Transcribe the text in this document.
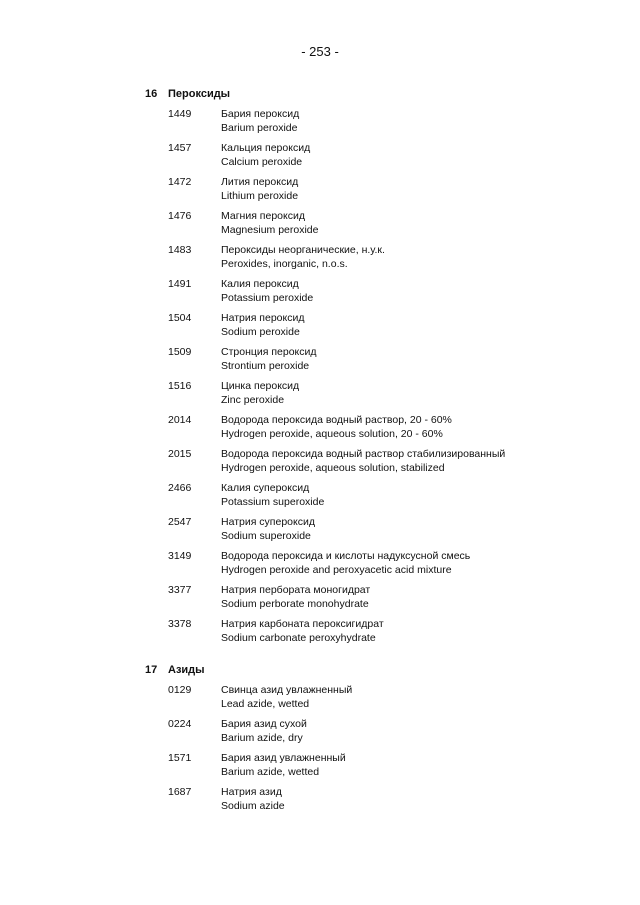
- 253 -
16 Пероксиды
1449	Бария пероксид
Barium peroxide
1457	Кальция пероксид
Calcium peroxide
1472	Лития пероксид
Lithium peroxide
1476	Магния пероксид
Magnesium peroxide
1483	Пероксиды неорганические, н.у.к.
Peroxides, inorganic, n.o.s.
1491	Калия пероксид
Potassium peroxide
1504	Натрия пероксид
Sodium peroxide
1509	Стронция пероксид
Strontium peroxide
1516	Цинка пероксид
Zinc peroxide
2014	Водорода пероксида водный раствор, 20 - 60%
Hydrogen peroxide, aqueous solution, 20 - 60%
2015	Водорода пероксида водный раствор стабилизированный
Hydrogen peroxide, aqueous solution, stabilized
2466	Калия супероксид
Potassium superoxide
2547	Натрия супероксид
Sodium superoxide
3149	Водорода пероксида и кислоты надуксусной смесь
Hydrogen peroxide and peroxyacetic acid mixture
3377	Натрия пербората моногидрат
Sodium perborate monohydrate
3378	Натрия карбоната пероксигидрат
Sodium carbonate peroxyhydrate
17 Азиды
0129	Свинца азид увлажненный
Lead azide, wetted
0224	Бария азид сухой
Barium azide, dry
1571	Бария азид увлажненный
Barium azide, wetted
1687	Натрия азид
Sodium azide
